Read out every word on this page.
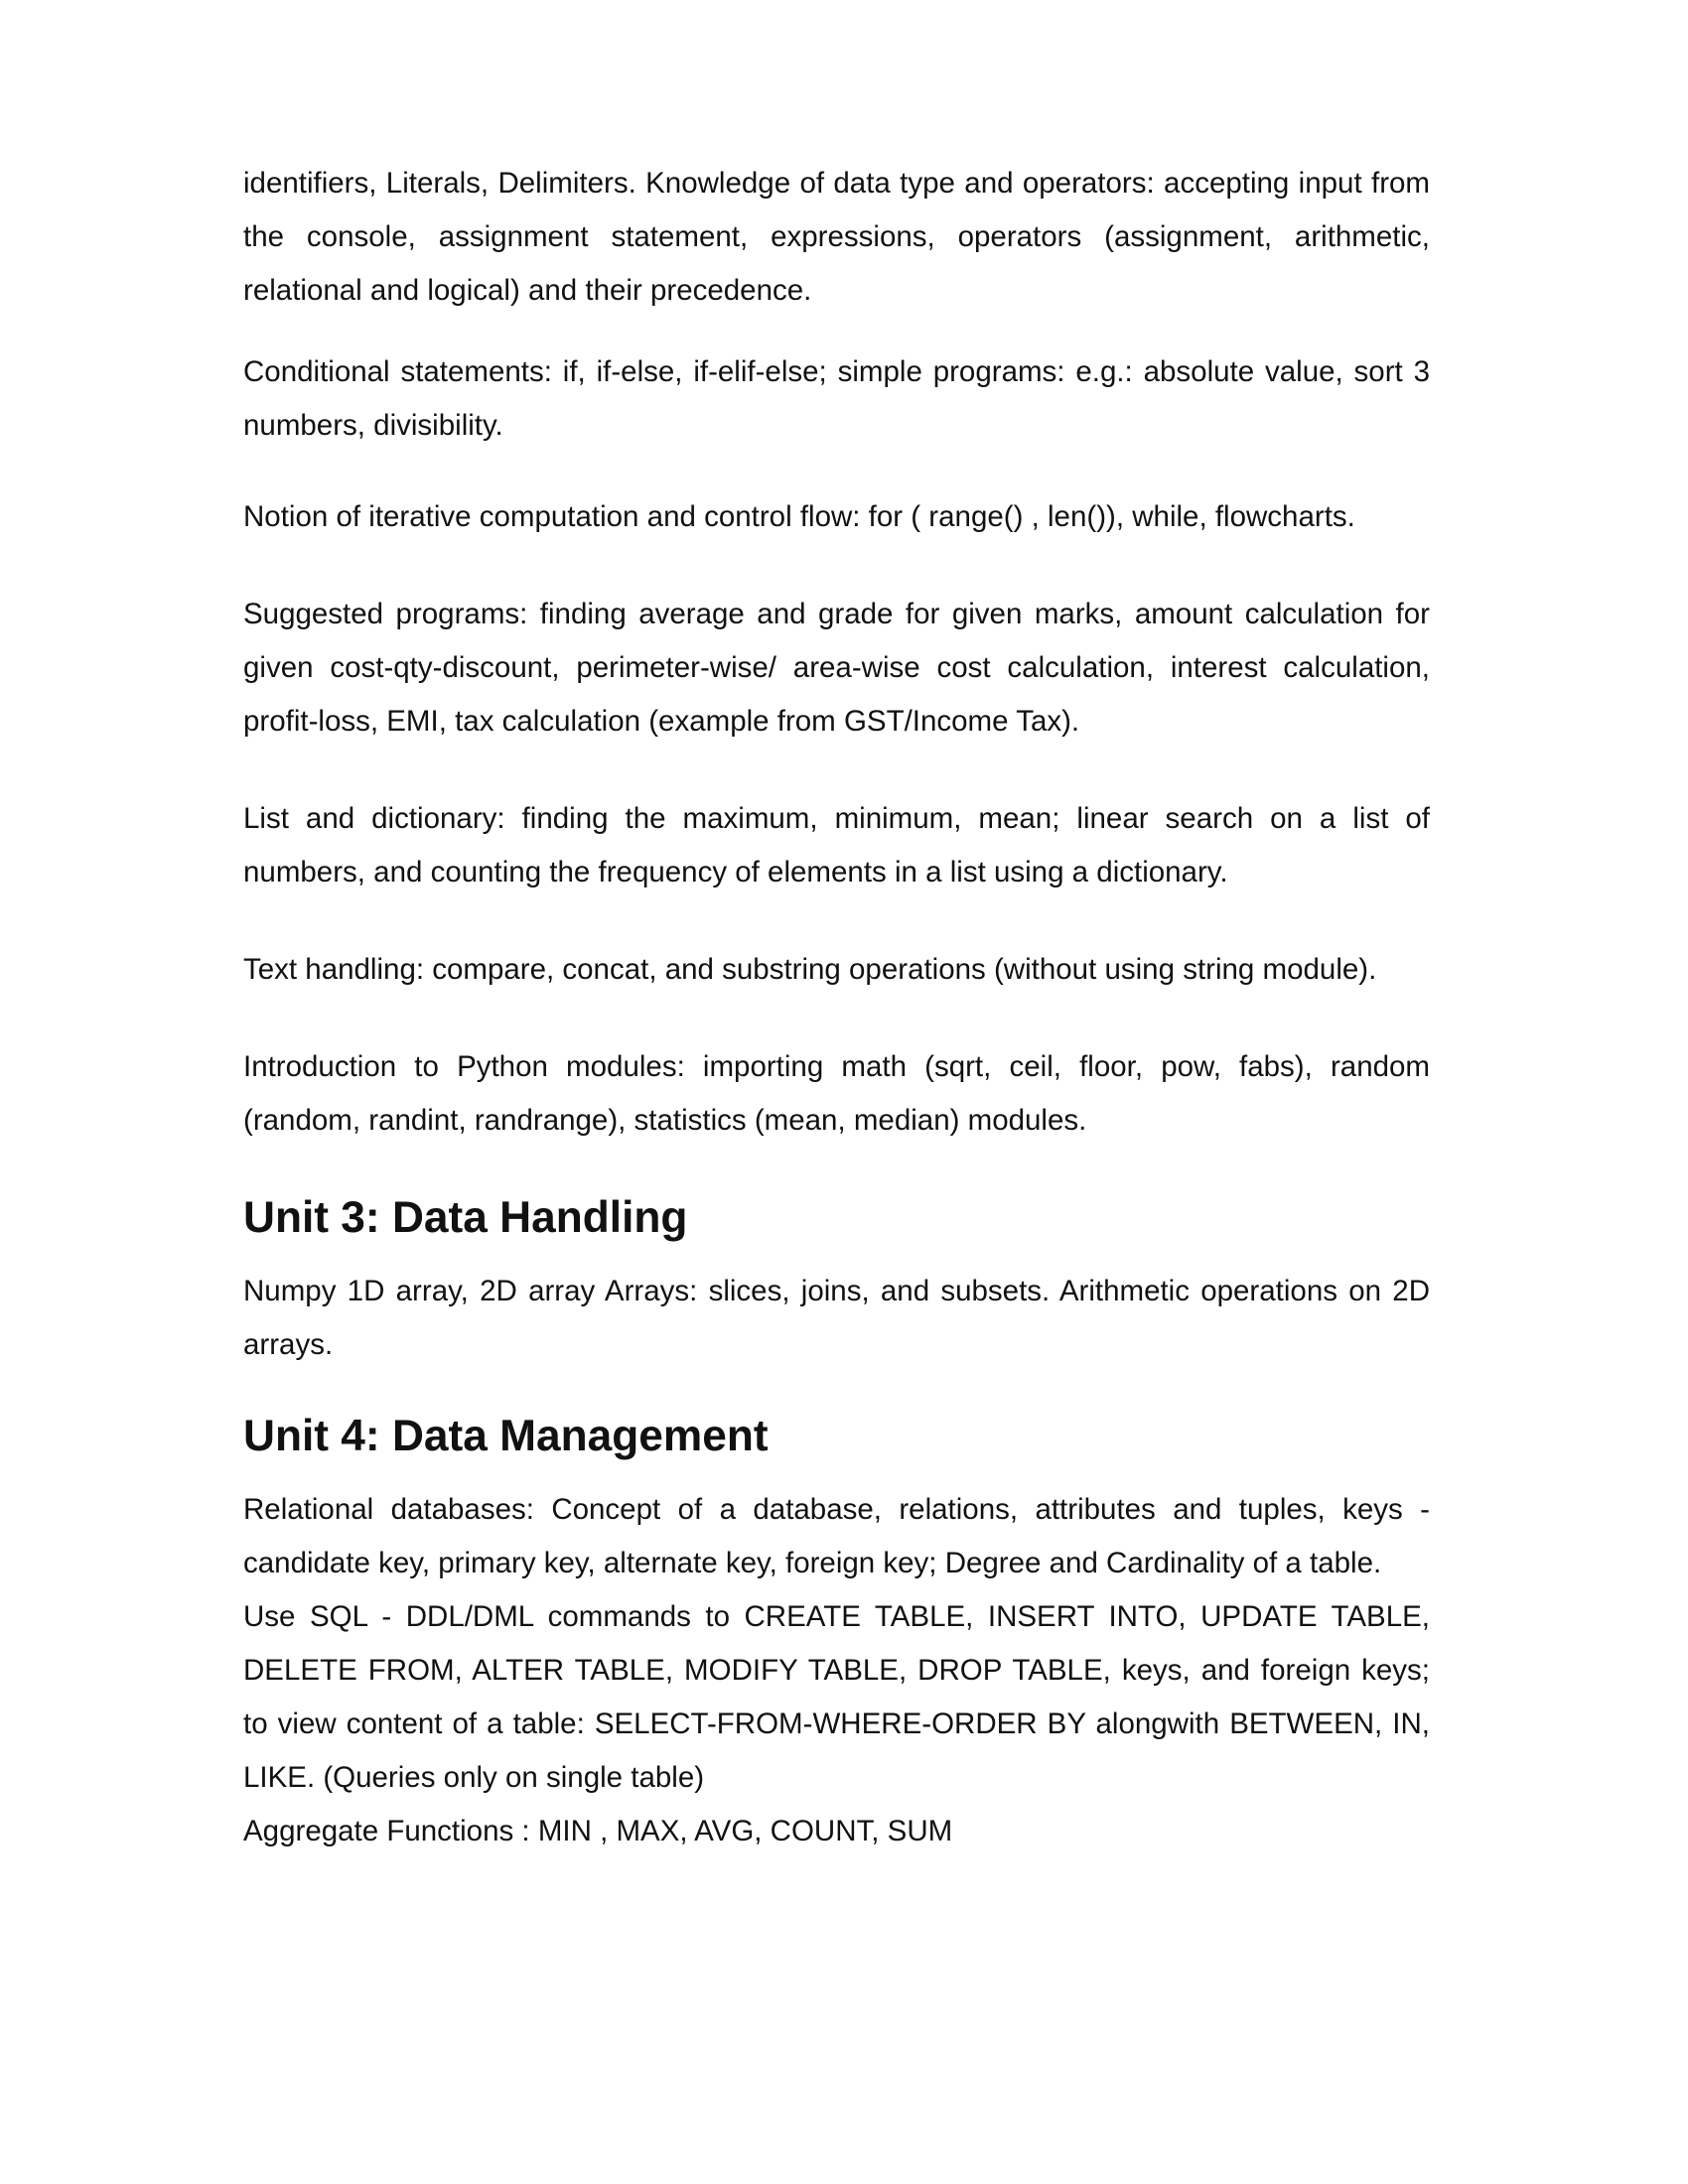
identifiers, Literals, Delimiters. Knowledge of data type and operators: accepting input from the console, assignment statement, expressions, operators (assignment, arithmetic, relational and logical) and their precedence.

Conditional statements: if, if-else, if-elif-else; simple programs: e.g.: absolute value, sort 3 numbers, divisibility.

Notion of iterative computation and control flow: for ( range() , len()), while, flowcharts.

Suggested programs: finding average and grade for given marks, amount calculation for given cost-qty-discount, perimeter-wise/ area-wise cost calculation, interest calculation, profit-loss, EMI, tax calculation (example from GST/Income Tax).

List and dictionary: finding the maximum, minimum, mean; linear search on a list of numbers, and counting the frequency of elements in a list using a dictionary.

Text handling: compare, concat, and substring operations (without using string module).

Introduction to Python modules: importing math (sqrt, ceil, floor, pow, fabs), random (random, randint, randrange), statistics (mean, median) modules.

Unit 3: Data Handling

Numpy 1D array, 2D array Arrays: slices, joins, and subsets. Arithmetic operations on 2D arrays.

Unit 4: Data Management

Relational databases: Concept of a database, relations, attributes and tuples, keys - candidate key, primary key, alternate key, foreign key; Degree and Cardinality of a table.

Use SQL - DDL/DML commands to CREATE TABLE, INSERT INTO, UPDATE TABLE, DELETE FROM, ALTER TABLE, MODIFY TABLE, DROP TABLE, keys, and foreign keys; to view content of a table: SELECT-FROM-WHERE-ORDER BY alongwith BETWEEN, IN, LIKE. (Queries only on single table)

Aggregate Functions : MIN , MAX, AVG, COUNT, SUM
